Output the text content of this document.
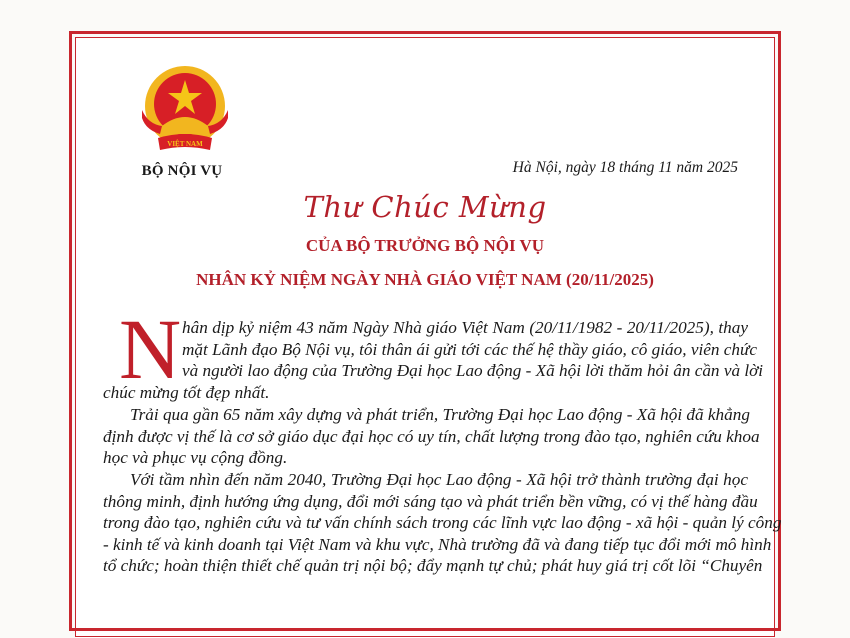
VIỆT NAM
BỘ NỘI VỤ	Hà Nội, ngày 18 tháng 11 năm 2025
Thư Chúc Mừng
CỦA BỘ TRƯỞNG BỘ NỘI VỤ
NHÂN KỶ NIỆM NGÀY NHÀ GIÁO VIỆT NAM (20/11/2025)
N hân dịp kỷ niệm 43 năm Ngày Nhà giáo Việt Nam (20/11/1982 - 20/11/2025), thay
mặt Lãnh đạo Bộ Nội vụ, tôi thân ái gửi tới các thế hệ thầy giáo, cô giáo, viên chức
và người lao động của Trường Đại học Lao động - Xã hội lời thăm hỏi ân cần và lời
chúc mừng tốt đẹp nhất.
Trải qua gần 65 năm xây dựng và phát triển, Trường Đại học Lao động - Xã hội đã khẳng
định được vị thế là cơ sở giáo dục đại học có uy tín, chất lượng trong đào tạo, nghiên cứu khoa
học và phục vụ cộng đồng.
Với tầm nhìn đến năm 2040, Trường Đại học Lao động - Xã hội trở thành trường đại học
thông minh, định hướng ứng dụng, đổi mới sáng tạo và phát triển bền vững, có vị thế hàng đầu
trong đào tạo, nghiên cứu và tư vấn chính sách trong các lĩnh vực lao động - xã hội - quản lý công
- kinh tế và kinh doanh tại Việt Nam và khu vực, Nhà trường đã và đang tiếp tục đổi mới mô hình
tổ chức; hoàn thiện thiết chế quản trị nội bộ; đẩy mạnh tự chủ; phát huy giá trị cốt lõi “Chuyên
